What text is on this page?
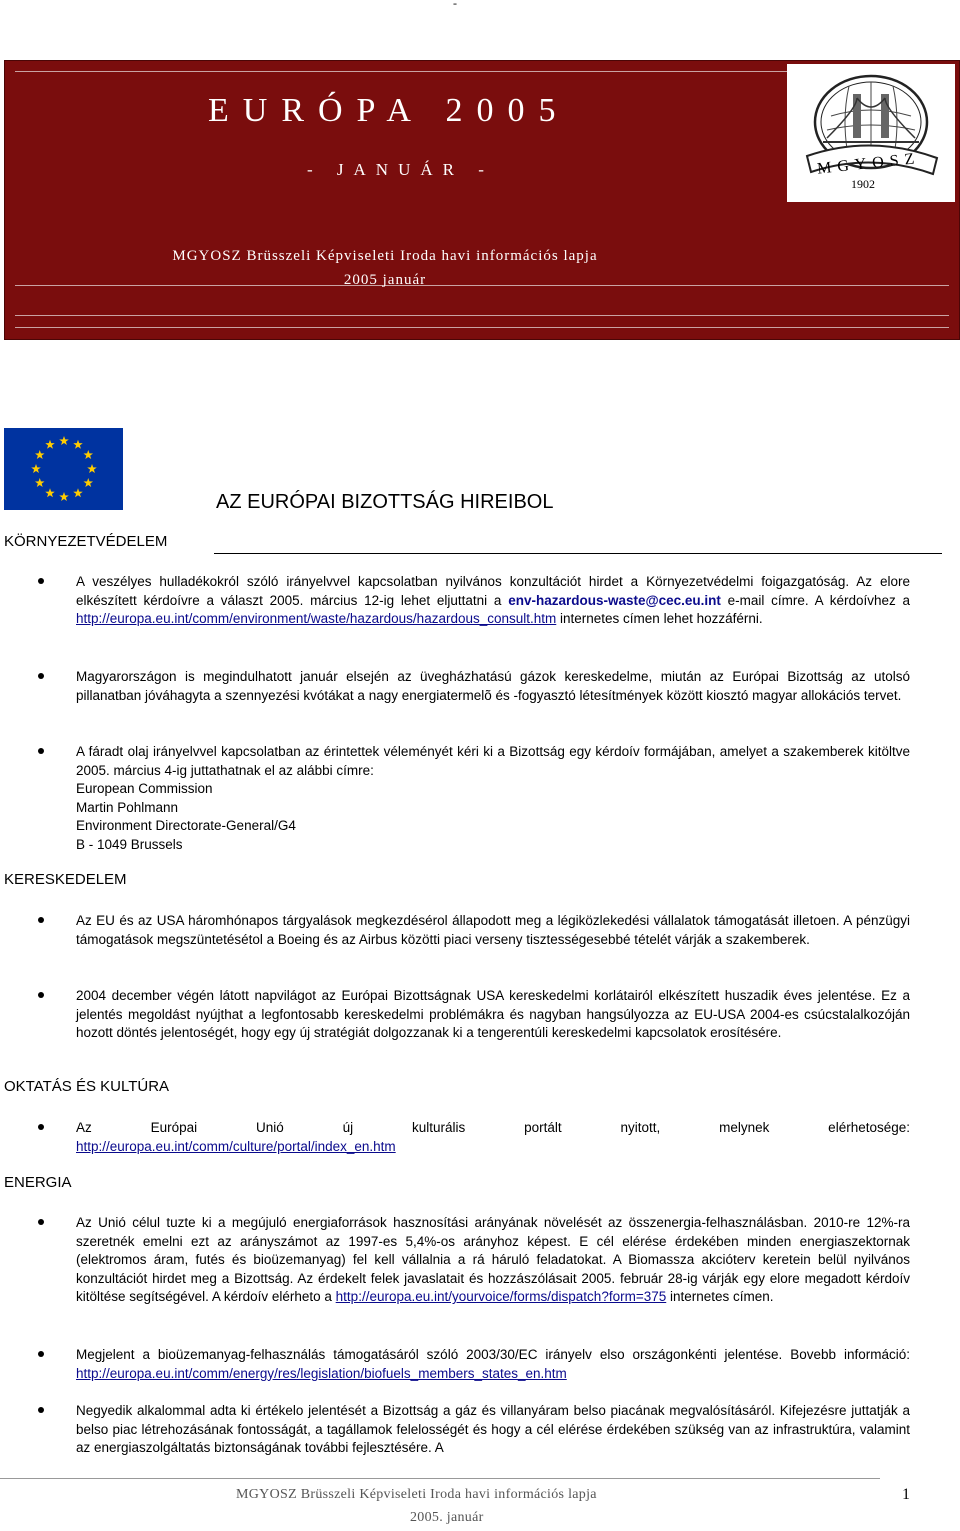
-
EURÓPA 2005
- JANUÁR -
MGYOSZ Brüsszeli Képviseleti Iroda havi információs lapja
2005 január
MGYOSZ
1902
AZ EURÓPAI BIZOTTSÁG HIREIBOL
KÖRNYEZETVÉDELEM
A veszélyes hulladékokról szóló irányelvvel kapcsolatban nyilvános konzultációt hirdet a Környezetvédelmi foigazgatóság. Az elore elkészített kérdoívre a választ 2005. március 12-ig lehet eljuttatni a env-hazardous-waste@cec.eu.int e-mail címre. A kérdoívhez a http://europa.eu.int/comm/environment/waste/hazardous/hazardous_consult.htm internetes címen lehet hozzáférni.
Magyarországon is megindulhatott január elsején az üvegházhatású gázok kereskedelme, miután az Európai Bizottság az utolsó pillanatban jóváhagyta a szennyezési kvótákat a nagy energiatermelõ és -fogyasztó létesítmények között kiosztó magyar allokációs tervet.
A fáradt olaj irányelvvel kapcsolatban az érintettek véleményét kéri ki a Bizottság egy kérdoív formájában, amelyet a szakemberek kitöltve 2005. március 4-ig juttathatnak el az alábbi címre:
European Commission
Martin Pohlmann
Environment Directorate-General/G4
B - 1049 Brussels
KERESKEDELEM
Az EU és az USA háromhónapos tárgyalások megkezdésérol állapodott meg a légiközlekedési vállalatok támogatását illetoen. A pénzügyi támogatások megszüntetésétol a Boeing és az Airbus közötti piaci verseny tisztességesebbé tételét várják a szakemberek.
2004 december végén látott napvilágot az Európai Bizottságnak USA kereskedelmi korlátairól elkészített huszadik éves jelentése. Ez a jelentés megoldást nyújthat a legfontosabb kereskedelmi problémákra és nagyban hangsúlyozza az EU-USA 2004-es csúcstalalkozóján hozott döntés jelentoségét, hogy egy új stratégiát dolgozzanak ki a tengerentúli kereskedelmi kapcsolatok erosítésére.
OKTATÁS ÉS KULTÚRA
Az Európai Unió új kulturális portált nyitott, melynek elérhetosége:
http://europa.eu.int/comm/culture/portal/index_en.htm
ENERGIA
Az Unió célul tuzte ki a megújuló energiaforrások hasznosítási arányának növelését az összenergia-felhasználásban. 2010-re 12%-ra szeretnék emelni ezt az arányszámot az 1997-es 5,4%-os arányhoz képest. E cél elérése érdekében minden energiaszektornak (elektromos áram, futés és bioüzemanyag) fel kell vállalnia a rá háruló feladatokat. A Biomassza akcióterv keretein belül nyilvános konzultációt hirdet meg a Bizottság. Az érdekelt felek javaslatait és hozzászólásait 2005. február 28-ig várják egy elore megadott kérdoív kitöltése segítségével. A kérdoív elérheto a http://europa.eu.int/yourvoice/forms/dispatch?form=375 internetes címen.
Megjelent a bioüzemanyag-felhasználás támogatásáról szóló 2003/30/EC irányelv elso országonkénti jelentése. Bovebb információ: http://europa.eu.int/comm/energy/res/legislation/biofuels_members_states_en.htm
Negyedik alkalommal adta ki értékelo jelentését a Bizottság a gáz és villanyáram belso piacának megvalósításáról. Kifejezésre juttatják a belso piac létrehozásának fontosságát, a tagállamok felelosségét és hogy a cél elérése érdekében szükség van az infrastruktúra, valamint az energiaszolgáltatás biztonságának további fejlesztésére. A
MGYOSZ Brüsszeli Képviseleti Iroda havi információs lapja
2005. január
1
